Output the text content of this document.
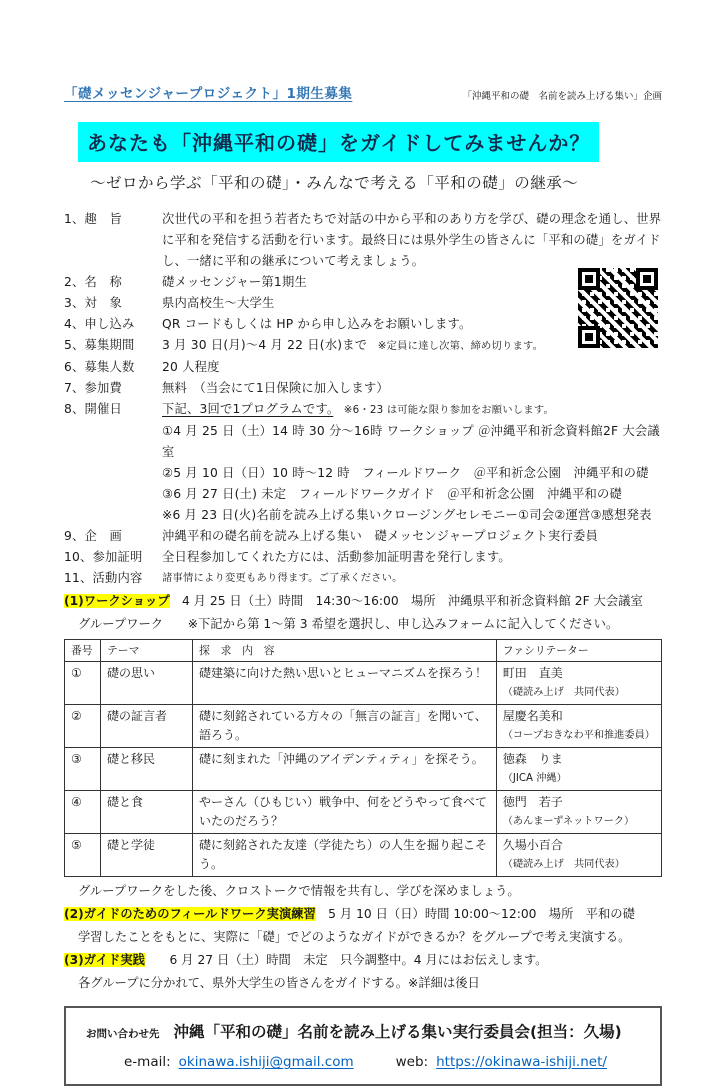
「礎メッセンジャープロジェクト」1期生募集	「沖縄平和の礎　名前を読み上げる集い」企画
あなたも「沖縄平和の礎」をガイドしてみませんか？
～ゼロから学ぶ「平和の礎」・みんなで考える「平和の礎」の継承～
1、趣　旨	次世代の平和を担う若者たちで対話の中から平和のあり方を学び、礎の理念を通し、世界に平和を発信する活動を行います。最終日には県外学生の皆さんに「平和の礎」をガイドし、一緒に平和の継承について考えましょう。
2、名　称	礎メッセンジャー第1期生
3、対　象	県内高校生～大学生
4、申し込み	QR コードもしくは HP から申し込みをお願いします。
5、募集期間	3 月 30 日(月)～4 月 22 日(水)まで　※定員に達し次第、締め切ります。
6、募集人数	20 人程度
7、参加費	無料　（当会にて1日保険に加入します）
8、開催日	下記、3回で1プログラムです。　※6・23 は可能な限り参加をお願いします。
①4 月 25 日（土）14 時 30 分～16時 ワークショップ ＠沖縄平和祈念資料館2F 大会議室
②5 月 10 日（日）10 時～12 時　フィールドワーク　＠平和祈念公園　沖縄平和の礎
③6 月 27 日(土) 未定　フィールドワークガイド　＠平和祈念公園　沖縄平和の礎
※6 月 23 日(火)名前を読み上げる集いクロージングセレモニー①司会②運営③感想発表
9、企　画	沖縄平和の礎名前を読み上げる集い　礎メッセンジャープロジェクト実行委員
10、参加証明	全日程参加してくれた方には、活動参加証明書を発行します。
11、活動内容	諸事情により変更もあり得ます。ご了承ください。
(1)ワークショップ　4 月 25 日（土）時間　14:30～16:00　場所　沖縄県平和祈念資料館 2F 大会議室
グループワーク　　※下記から第 1～第 3 希望を選択し、申し込みフォームに記入してください。
番号	テーマ	探　求　内　容	ファシリテーター
①	礎の思い	礎建築に向けた熱い思いとヒューマニズムを探ろう！	町田　直美
（礎読み上げ　共同代表）

②	礎の証言者	礎に刻銘されている方々の「無言の証言」を聞いて、語ろう。	屋慶名美和
（コープおきなわ平和推進委員）

③	礎と移民	礎に刻まれた「沖縄のアイデンティティ」を探そう。	徳森　りま
（JICA 沖縄）

④	礎と食	やーさん（ひもじい）戦争中、何をどうやって食べていたのだろう？	徳門　若子
（あんまーずネットワーク）

⑤	礎と学徒	礎に刻銘された友達（学徒たち）の人生を掘り起こそう。	久場小百合
（礎読み上げ　共同代表）
グループワークをした後、クロストークで情報を共有し、学びを深めましょう。
(2)ガイドのためのフィールドワーク実演練習　5 月 10 日（日）時間 10:00～12:00　場所　平和の礎
学習したことをもとに、実際に「礎」でどのようなガイドができるか？をグループで考え実演する。
(3)ガイド実践　　6 月 27 日（土）時間　未定　只今調整中。4 月にはお伝えします。
各グループに分かれて、県外大学生の皆さんをガイドする。※詳細は後日
お問い合わせ先 沖縄「平和の礎」名前を読み上げる集い実行委員会(担当：久場)
e-mail: okinawa.ishiji@gmail.com	web: https://okinawa-ishiji.net/
